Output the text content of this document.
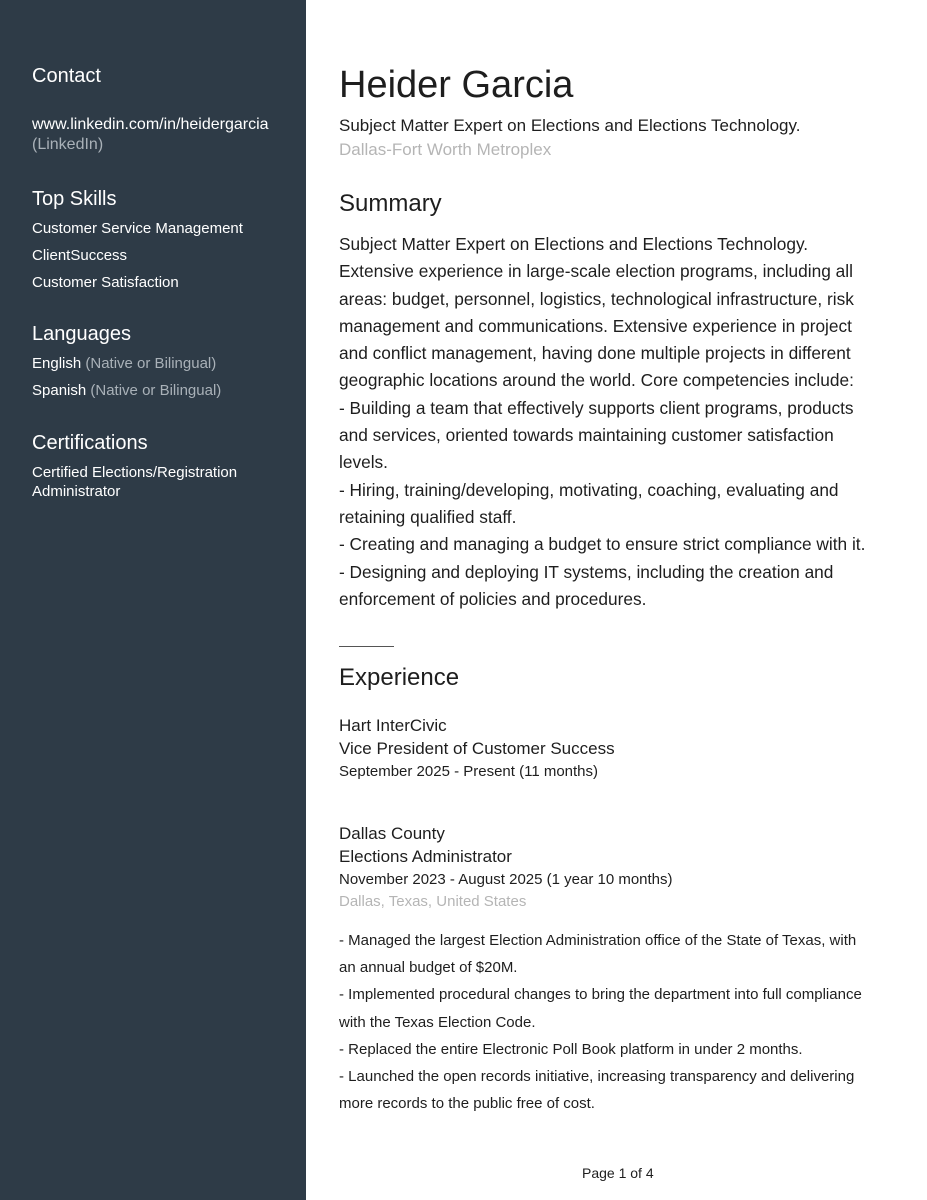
Contact
www.linkedin.com/in/heidergarcia
(LinkedIn)
Top Skills
Customer Service Management
ClientSuccess
Customer Satisfaction
Languages
English (Native or Bilingual)
Spanish (Native or Bilingual)
Certifications
Certified Elections/Registration
Administrator
Heider Garcia
Subject Matter Expert on Elections and Elections Technology.
Dallas-Fort Worth Metroplex
Summary
Subject Matter Expert on Elections and Elections Technology.
Extensive experience in large-scale election programs, including all
areas: budget, personnel, logistics, technological infrastructure, risk
management and communications. Extensive experience in project
and conflict management, having done multiple projects in different
geographic locations around the world. Core competencies include:
- Building a team that effectively supports client programs, products
and services, oriented towards maintaining customer satisfaction
levels.
- Hiring, training/developing, motivating, coaching, evaluating and
retaining qualified staff.
- Creating and managing a budget to ensure strict compliance with it.
- Designing and deploying IT systems, including the creation and
enforcement of policies and procedures.
Experience
Hart InterCivic
Vice President of Customer Success
September 2025 - Present (11 months)
Dallas County
Elections Administrator
November 2023 - August 2025 (1 year 10 months)
Dallas, Texas, United States
- Managed the largest Election Administration office of the State of Texas, with
an annual budget of $20M.
- Implemented procedural changes to bring the department into full compliance
with the Texas Election Code.
- Replaced the entire Electronic Poll Book platform in under 2 months.
- Launched the open records initiative, increasing transparency and delivering
more records to the public free of cost.
Page 1 of 4
